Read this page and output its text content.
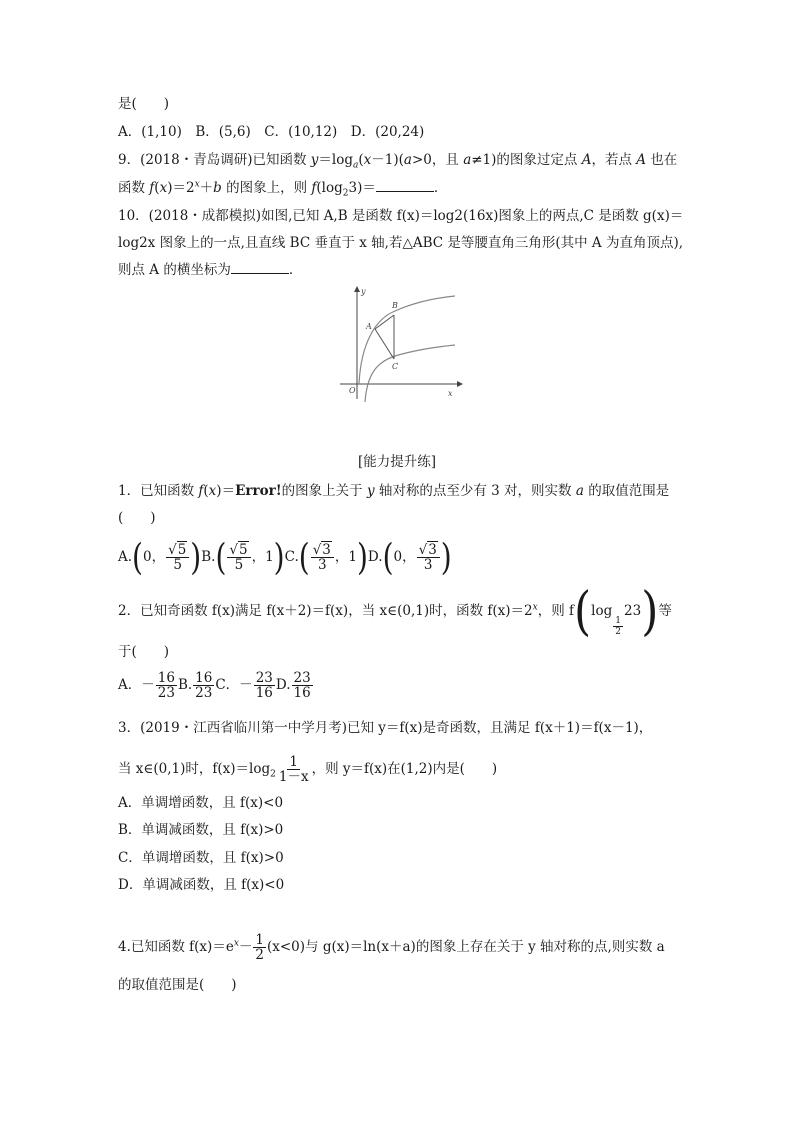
是(　　)
A．(1,10)　B．(5,6)　C．(10,12)　D．(20,24)
9．(2018・青岛调研)已知函数 $y=\log_a(x-1)(a>0$，且 a≠1)的图象过定点 A，若点 A 也在
函数 $f(x)=2^x+b$ 的图象上，则 $f(\log_23)=$	．
10．(2018・成都模拟)如图,已知 A,B 是函数 f(x)＝log2(16x)图象上的两点,C 是函数 g(x)＝
log2x 图象上的一点,且直线 BC 垂直于 x 轴,若△ABC 是等腰直角三角形(其中 A 为直角顶点),
则点 A 的横坐标为	．
y
x
O
A
B
C
[能力提升练]
1．已知函数 f(x)＝Error!的图象上关于 y 轴对称的点至少有 3 对，则实数 a 的取值范围是
(　　)
A.(0， $\frac{√5}{5} )B.( \frac{√5}{5}$ ，$1)C.( \frac{√3}{3}$ ，1)D.(0， $\frac{√3}{3}$ )
2．已知奇函数 f(x)满足 f(x＋2)＝f(x)，当 x∈(0,1)时，函数 $f(x)=2^x$，则 f(log
$\frac{1}{2}$
23)等
于(　　)
A．－ $\frac{16}{23} B$. $\frac{16}{23}$ C．－ $\frac{23}{16} D$. $\frac{23}{16}$
3．(2019・江西省临川第一中学月考)已知 y＝f(x)是奇函数，且满足 f(x＋1)＝f(x－1)，
当 x∈(0,1)时，$f(x)=\log_2 \frac{1}{1-x}$ ，则 y＝f(x)在(1,2)内是(　　)
A．单调增函数，且 f(x)<0
B．单调减函数，且 f(x)>0
C．单调增函数，且 f(x)>0
D．单调减函数，且 f(x)<0
4.已知函数 $f(x)=e^x- \frac{1}{2} (x<0)$与 g(x)＝ln(x＋a)的图象上存在关于 y 轴对称的点,则实数 a
的取值范围是(　　)
